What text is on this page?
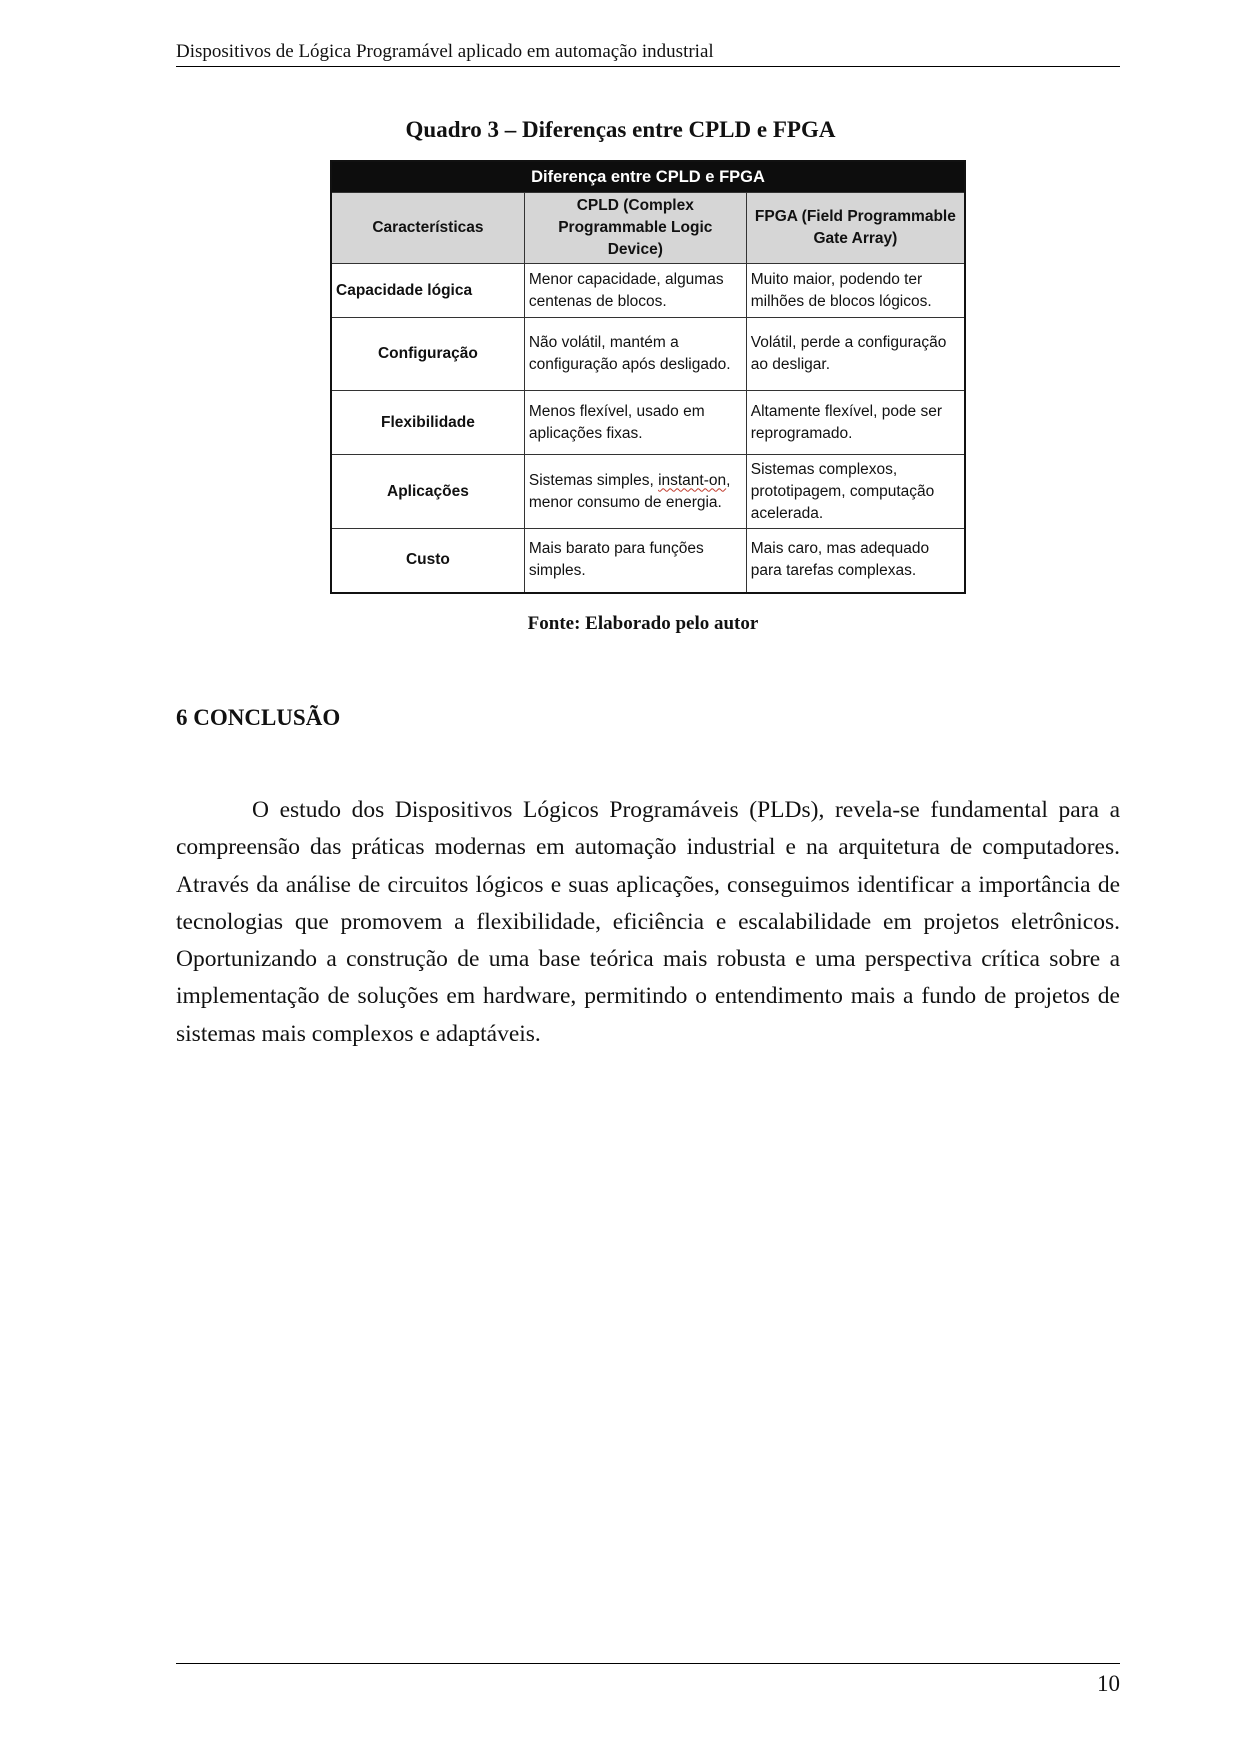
Dispositivos de Lógica Programável aplicado em automação industrial
Quadro 3 – Diferenças entre CPLD e FPGA
Diferença entre CPLD e FPGA		
Características	CPLD (Complex Programmable Logic Device)	FPGA (Field Programmable Gate Array)
Capacidade lógica	Menor capacidade, algumas centenas de blocos.	Muito maior, podendo ter milhões de blocos lógicos.
Configuração	Não volátil, mantém a configuração após desligado.	Volátil, perde a configuração ao desligar.
Flexibilidade	Menos flexível, usado em aplicações fixas.	Altamente flexível, pode ser reprogramado.
Aplicações	Sistemas simples, instant-on, menor consumo de energia.	Sistemas complexos, prototipagem, computação acelerada.
Custo	Mais barato para funções simples.	Mais caro, mas adequado para tarefas complexas.
Fonte: Elaborado pelo autor
6 CONCLUSÃO

O estudo dos Dispositivos Lógicos Programáveis (PLDs), revela-se fundamental para a compreensão das práticas modernas em automação industrial e na arquitetura de computadores. Através da análise de circuitos lógicos e suas aplicações, conseguimos identificar a importância de tecnologias que promovem a flexibilidade, eficiência e escalabilidade em projetos eletrônicos. Oportunizando a construção de uma base teórica mais robusta e uma perspectiva crítica sobre a implementação de soluções em hardware, permitindo o entendimento mais a fundo de projetos de sistemas mais complexos e adaptáveis.

10
